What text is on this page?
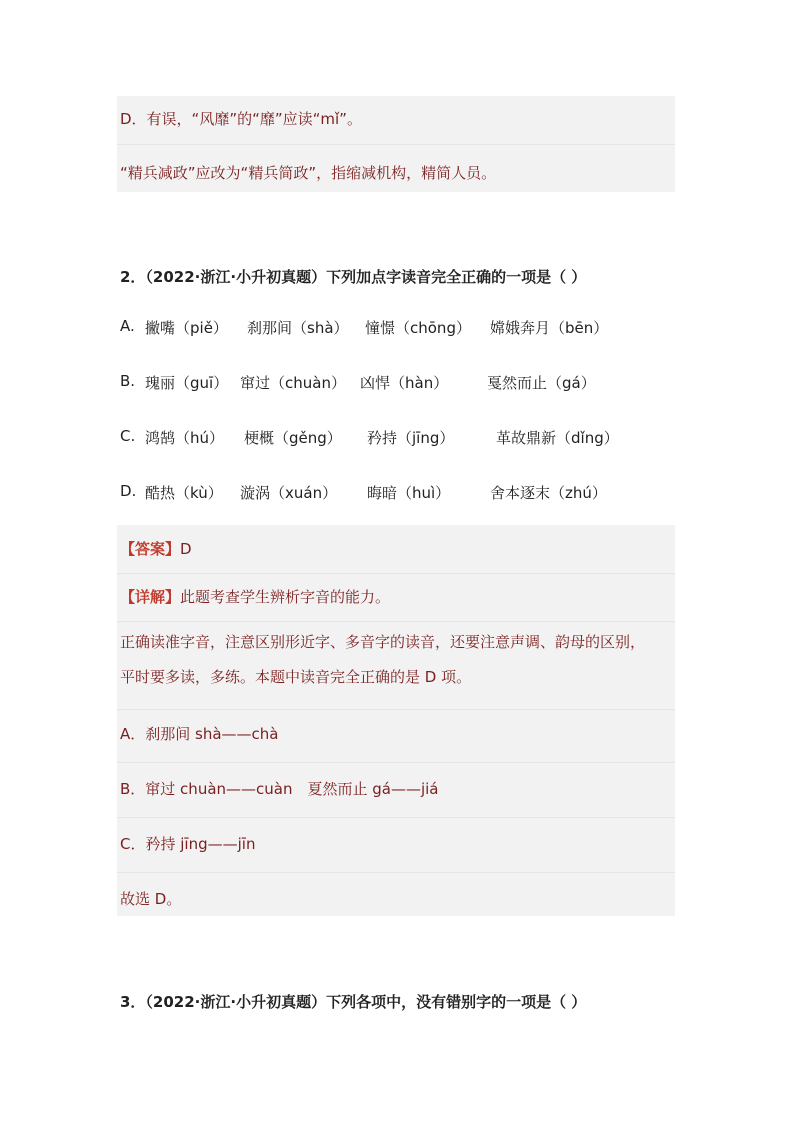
D．有误，“风靡”的“靡”应读“mǐ”。
“精兵减政”应改为“精兵简政”，指缩减机构，精简人员。
2．（2022·浙江·小升初真题）下列加点字读音完全正确的一项是（ ）
A. 撇嘴（piě） 刹那间（shà） 憧憬（chōng） 嫦娥奔月（bēn）
B. 瑰丽（guī） 窜过（chuàn） 凶悍（hàn）	戛然而止（gá）
C. 鸿鹄（hú） 梗概（gěng） 矜持（jīng）	革故鼎新（dǐng）
D. 酷热（kù） 漩涡（xuán） 晦暗（huì）	舍本逐末（zhú）
【答案】D
【详解】此题考查学生辨析字音的能力。
正确读准字音，注意区别形近字、多音字的读音，还要注意声调、韵母的区别，
平时要多读，多练。本题中读音完全正确的是 D 项。
A．刹那间 shà——chà
B．窜过 chuàn——cuàn　夏然而止 gá——jiá
C．矜持 jīng——jīn
故选 D。
3．（2022·浙江·小升初真题）下列各项中，没有错别字的一项是（ ）
